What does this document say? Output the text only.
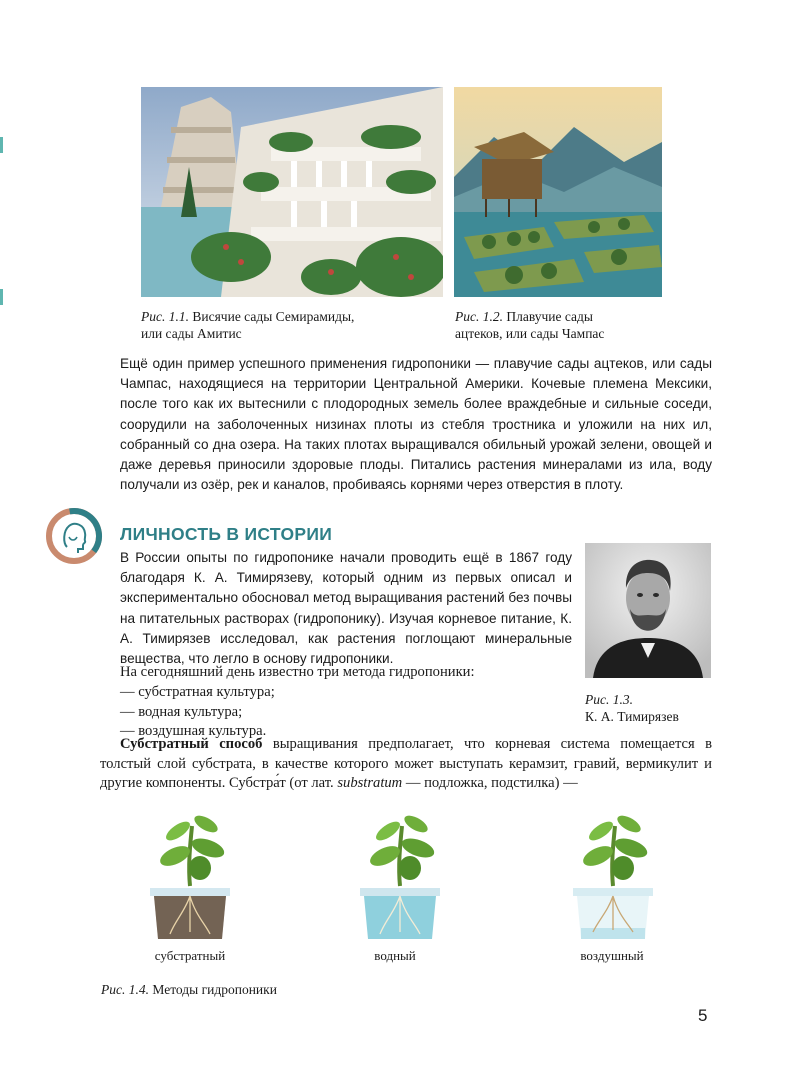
Рис. 1.1. Висячие сады Семирамиды,
или сады Амитис
Рис. 1.2. Плавучие сады
ацтеков, или сады Чампас
Ещё один пример успешного применения гидропоники — плавучие сады ацтеков, или сады Чампас, находящиеся на территории Центральной Америки. Кочевые племена Мексики, после того как их вытеснили с плодородных земель более враждебные и сильные соседи, соорудили на заболоченных низинах плоты из стебля тростника и уложили на них ил, собранный со дна озера. На таких плотах выращивался обильный урожай зелени, овощей и даже деревья приносили здоровые плоды. Питались растения минералами из ила, воду получали из озёр, рек и каналов, пробиваясь корнями через отверстия в плоту.
ЛИЧНОСТЬ В ИСТОРИИ
В России опыты по гидропонике начали проводить ещё в 1867 году благодаря К. А. Тимирязеву, который одним из первых описал и экспериментально обосновал метод выращивания растений без почвы на питательных растворах (гидропонику). Изучая корневое питание, К. А. Тимирязев исследовал, как растения поглощают минеральные вещества, что легло в основу гидропоники.
Рис. 1.3.
К. А. Тимирязев
На сегодняшний день известно три метода гидропоники:
— субстратная культура;
— водная культура;
— воздушная культура.
Субстратный способ выращивания предполагает, что корневая система помещается в толстый слой субстрата, в качестве которого может выступать керамзит, гравий, вермикулит и другие компоненты. Субстра́т (от лат. substratum — подложка, подстилка) —
субстратный	водный	воздушный
Рис. 1.4. Методы гидропоники
5
